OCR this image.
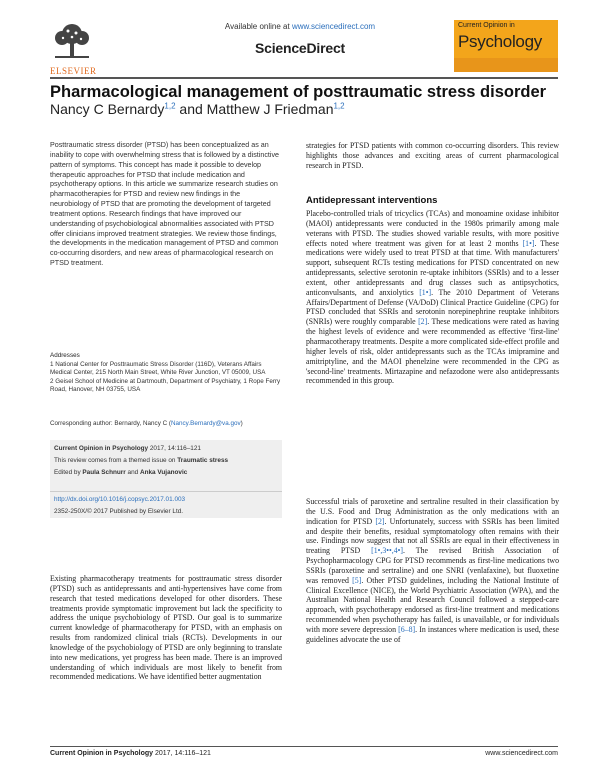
Available online at www.sciencedirect.com
ScienceDirect
ELSEVIER
Current Opinion in
Psychology
Pharmacological management of posttraumatic stress disorder
Nancy C Bernardy$^{1,2}$ and Matthew J Friedman$^{1,2}$
Posttraumatic stress disorder (PTSD) has been conceptualized as an inability to cope with overwhelming stress that is followed by a distinctive pattern of symptoms. This concept has made it possible to develop therapeutic approaches for PTSD that include medication and psychotherapy options. In this article we summarize research studies on pharmacotherapies for PTSD and review new findings in the neurobiology of PTSD that are promoting the development of targeted treatment options. Research findings that have improved our understanding of psychobiological abnormalities associated with PTSD offer clinicians improved treatment strategies. We review those findings, the developments in the medication management of PTSD and common co-occurring disorders, and new areas of pharmacological research on PTSD treatment.
Addresses
1 National Center for Posttraumatic Stress Disorder (116D), Veterans Affairs Medical Center, 215 North Main Street, White River Junction, VT 05009, USA
2 Geisel School of Medicine at Dartmouth, Department of Psychiatry, 1 Rope Ferry Road, Hanover, NH 03755, USA
Corresponding author: Bernardy, Nancy C (Nancy.Bernardy@va.gov)
Current Opinion in Psychology 2017, 14:116–121
This review comes from a themed issue on Traumatic stress
Edited by Paula Schnurr and Anka Vujanovic
http://dx.doi.org/10.1016/j.copsyc.2017.01.003
2352-250X/© 2017 Published by Elsevier Ltd.
Existing pharmacotherapy treatments for posttraumatic stress disorder (PTSD) such as antidepressants and anti-hypertensives have come from research that tested medications developed for other disorders. These treatments provide symptomatic improvement but lack the specificity to address the unique psychobiology of PTSD. Our goal is to summarize current knowledge of pharmacotherapy for PTSD, with an emphasis on results from randomized clinical trials (RCTs). Developments in our knowledge of the psychobiology of PTSD are only beginning to translate into new medications, yet progress has been made. There is an improved understanding of which individuals are most likely to benefit from recommended medications. We have identified better augmentation
strategies for PTSD patients with common co-occurring disorders. This review highlights those advances and exciting areas of current pharmacological research in PTSD.
Antidepressant interventions
Placebo-controlled trials of tricyclics (TCAs) and monoamine oxidase inhibitor (MAOI) antidepressants were conducted in the 1980s primarily among male veterans with PTSD. The studies showed variable results, with more positive effects noted where treatment was given for at least 2 months [1•]. These medications were widely used to treat PTSD at that time. With manufacturers' support, subsequent RCTs testing medications for PTSD concentrated on new antidepressants, selective serotonin re-uptake inhibitors (SSRIs) and to a lesser extent, other antidepressants and drug classes such as antipsychotics, anticonvulsants, and anxiolytics [1•]. The 2010 Department of Veterans Affairs/Department of Defense (VA/DoD) Clinical Practice Guideline (CPG) for PTSD concluded that SSRIs and serotonin norepinephrine reuptake inhibitors (SNRIs) were roughly comparable [2]. These medications were rated as having the highest levels of evidence and were recommended as effective 'first-line' pharmacotherapy treatments. Despite a more complicated side-effect profile and higher levels of risk, older antidepressants such as the TCAs imipramine and amitriptyline, and the MAOI phenelzine were recommended in the CPG as 'second-line' treatments. Mirtazapine and nefazodone were also antidepressants recommended in this group.
Successful trials of paroxetine and sertraline resulted in their classification by the U.S. Food and Drug Administration as the only medications with an indication for PTSD [2]. Unfortunately, success with SSRIs has been limited and despite their benefits, residual symptomatology often remains with their use. Findings now suggest that not all SSRIs are equal in their effectiveness in treating PTSD [1•,3••,4•]. The revised British Association of Psychopharmacology CPG for PTSD recommends as first-line medications two SSRIs (paroxetine and sertraline) and one SNRI (venlafaxine), but fluoxetine was removed [5]. Other PTSD guidelines, including the National Institute of Clinical Excellence (NICE), the World Psychiatric Association (WPA), and the Australian National Health and Research Council followed a stepped-care approach, with psychotherapy endorsed as first-line treatment and medications recommended when psychotherapy has failed, is unavailable, or for individuals with more severe depression [6–8]. In instances where medication is used, these guidelines advocate the use of
Current Opinion in Psychology 2017, 14:116–121	www.sciencedirect.com
